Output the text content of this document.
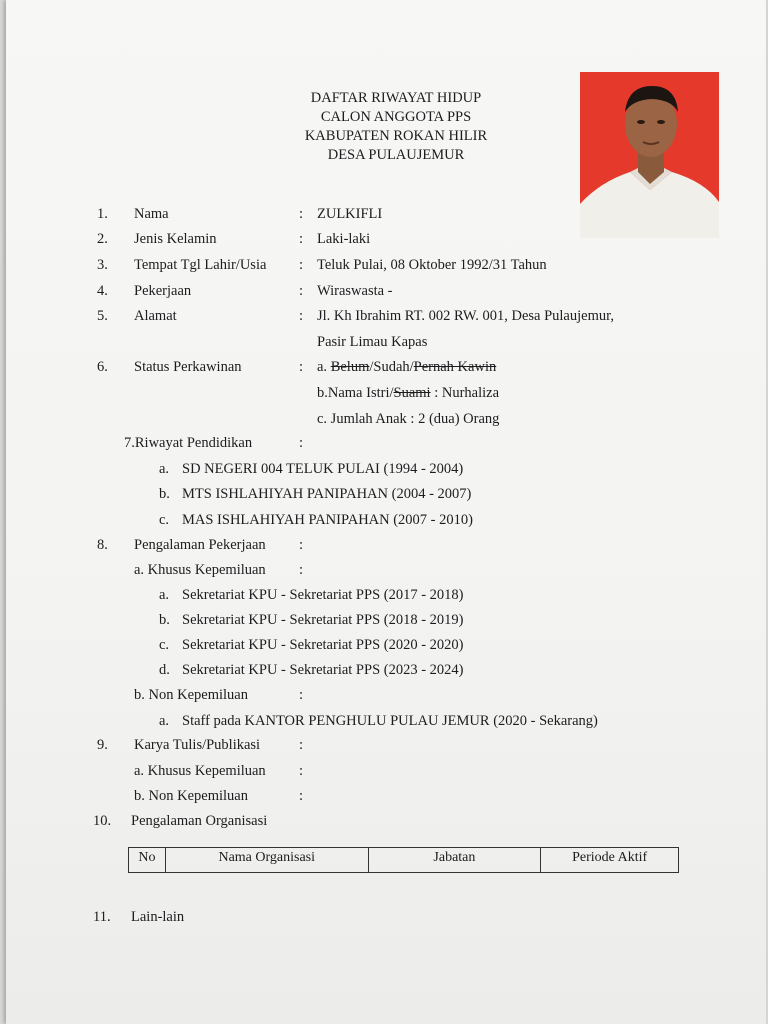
DAFTAR RIWAYAT HIDUP
CALON ANGGOTA PPS
KABUPATEN ROKAN HILIR
DESA PULAUJEMUR
1. Nama	: ZULKIFLI
2. Jenis Kelamin	: Laki-laki
3. Tempat Tgl Lahir/Usia : Teluk Pulai, 08 Oktober 1992/31 Tahun
4. Pekerjaan	: Wiraswasta -
5. Alamat	: Jl. Kh Ibrahim RT. 002 RW. 001, Desa Pulaujemur,
Pasir Limau Kapas
6. Status Perkawinan	: a. Belum/Sudah/Pernah Kawin
b.Nama Istri/Suami : Nurhaliza
c. Jumlah Anak : 2 (dua) Orang
7.Riwayat Pendidikan	:
a. SD NEGERI 004 TELUK PULAI (1994 - 2004)
b. MTS ISHLAHIYAH PANIPAHAN (2004 - 2007)
c. MAS ISHLAHIYAH PANIPAHAN (2007 - 2010)
8. Pengalaman Pekerjaan :
a. Khusus Kepemiluan :
a. Sekretariat KPU - Sekretariat PPS (2017 - 2018)
b. Sekretariat KPU - Sekretariat PPS (2018 - 2019)
c. Sekretariat KPU - Sekretariat PPS (2020 - 2020)
d. Sekretariat KPU - Sekretariat PPS (2023 - 2024)
b. Non Kepemiluan	:
a. Staff pada KANTOR PENGHULU PULAU JEMUR (2020 - Sekarang)
9. Karya Tulis/Publikasi	:
a. Khusus Kepemiluan :
b. Non Kepemiluan	:
10. Pengalaman Organisasi
No	Nama Organisasi	Jabatan	Periode Aktif
11. Lain-lain
